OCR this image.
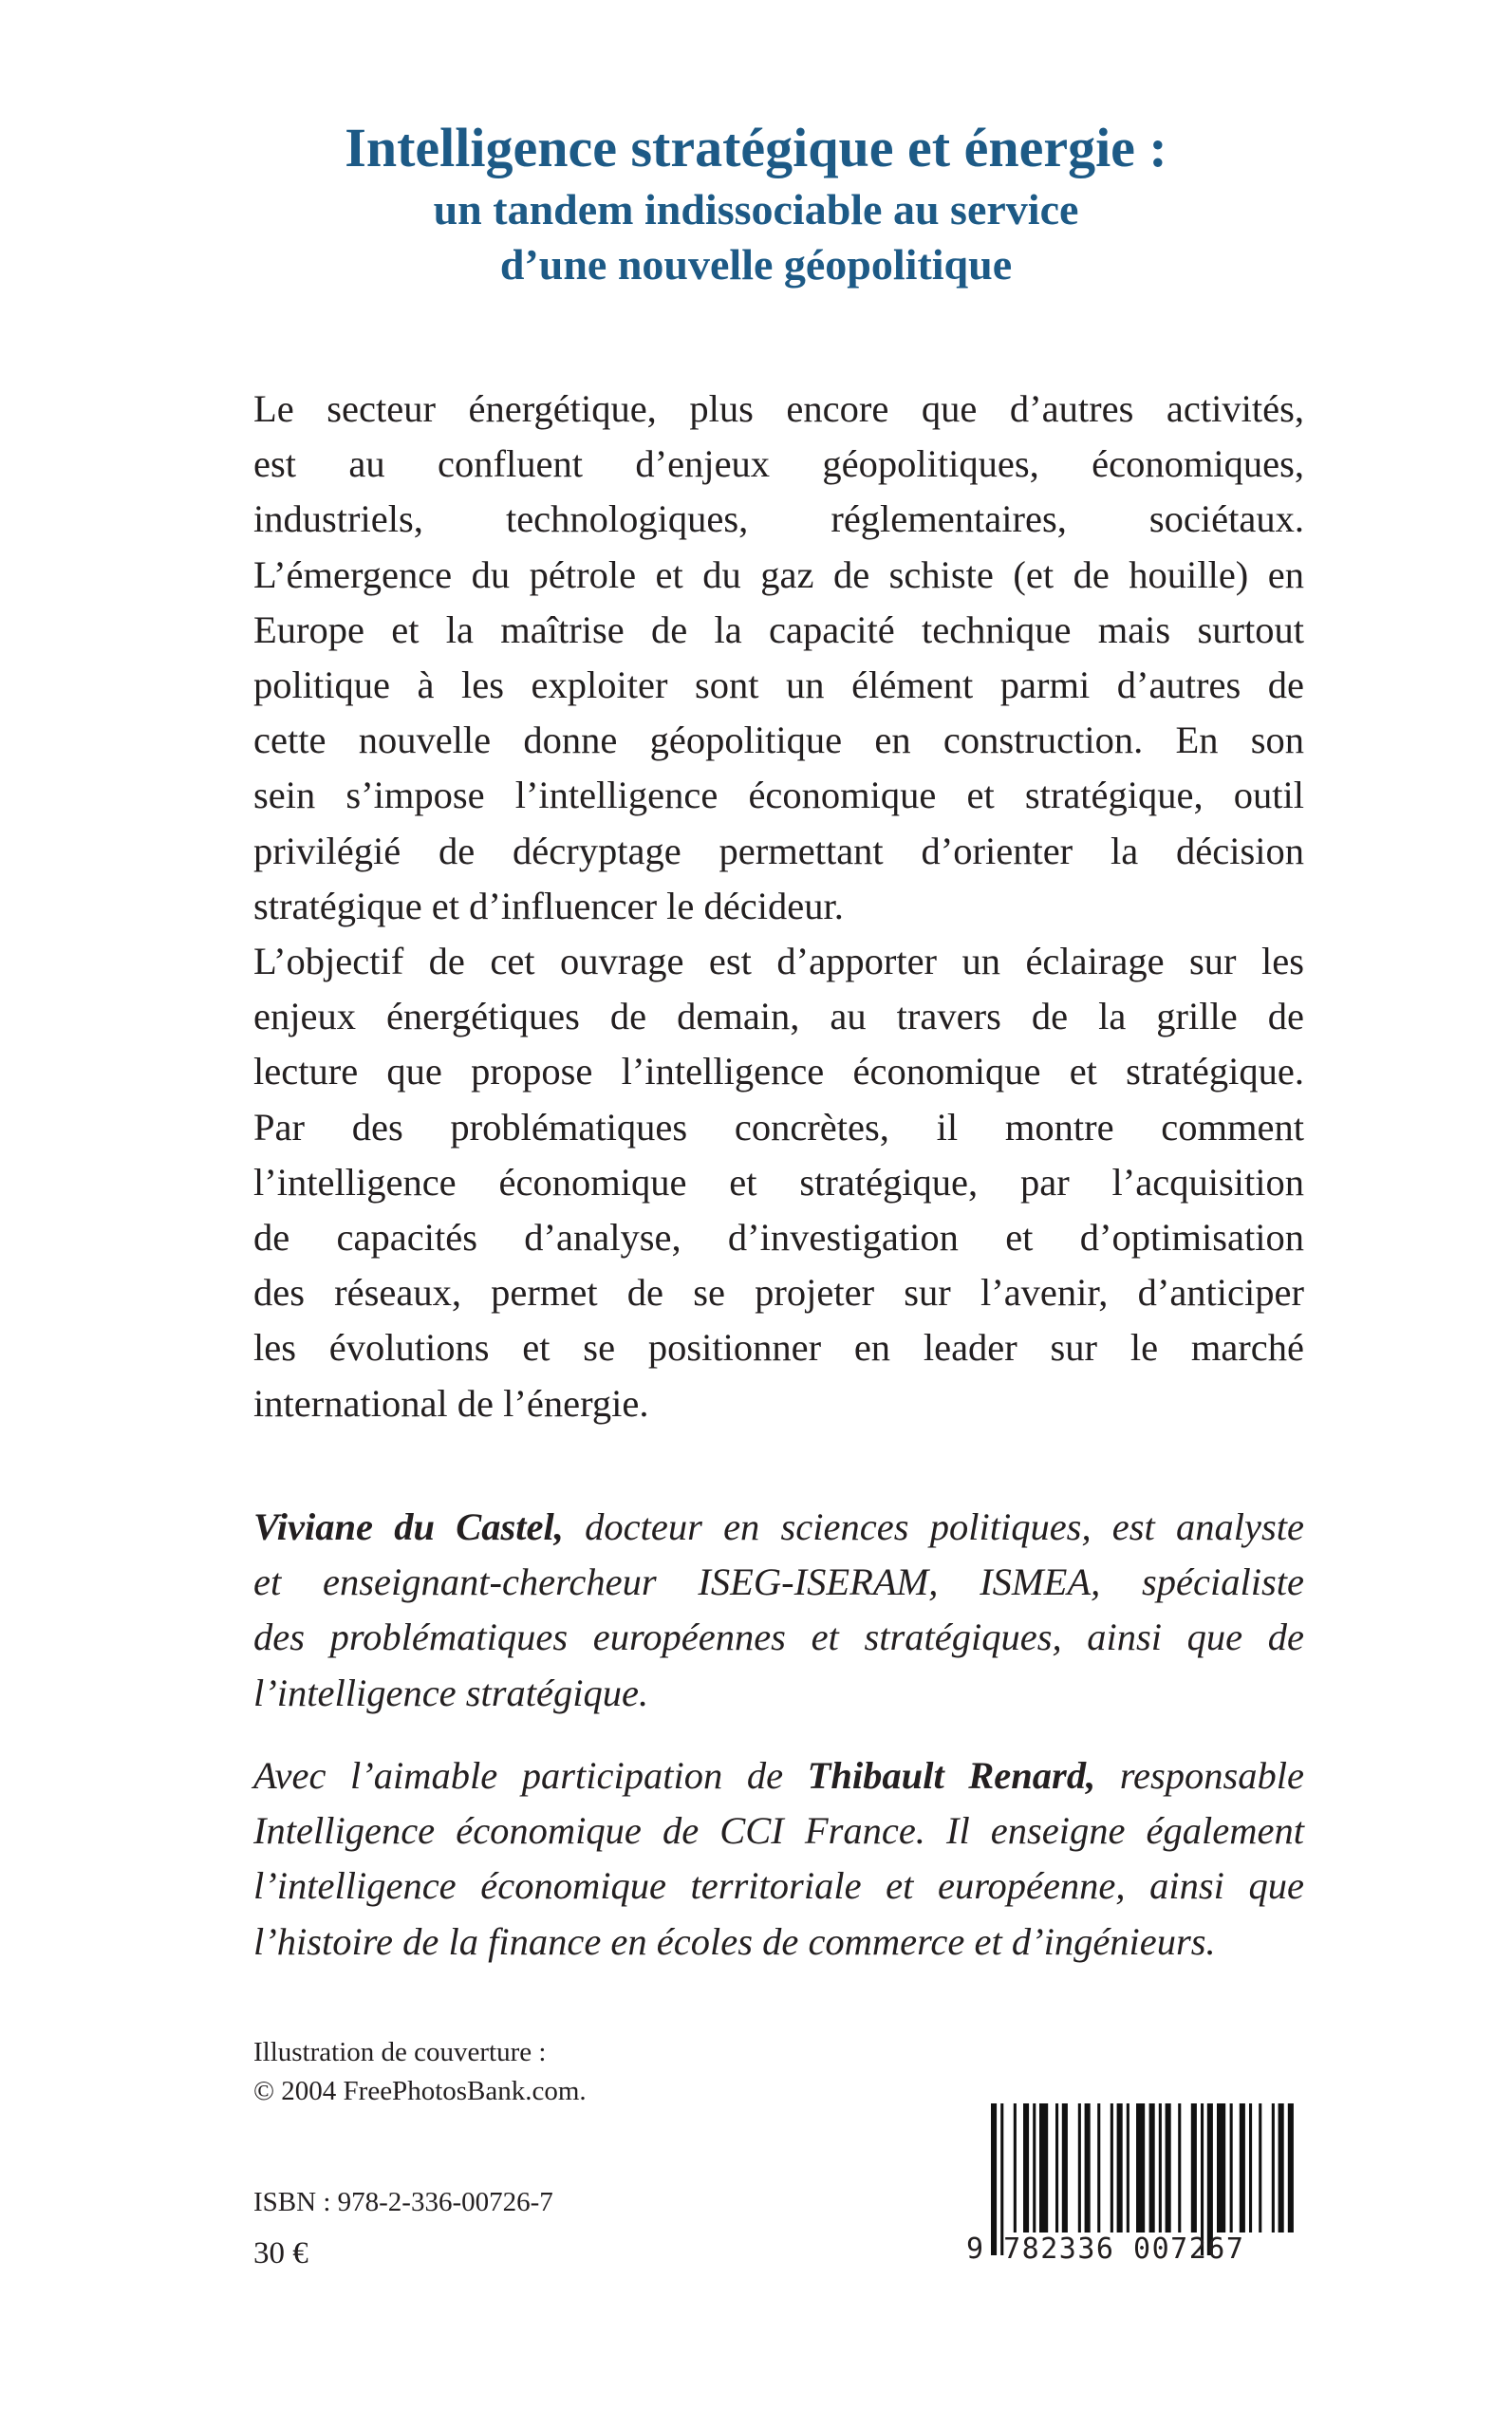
Intelligence stratégique et énergie :
un tandem indissociable au service
d’une nouvelle géopolitique
Le secteur énergétique, plus encore que d’autres activités,
est au confluent d’enjeux géopolitiques, économiques,
industriels, technologiques, réglementaires, sociétaux.
L’émergence du pétrole et du gaz de schiste (et de houille) en
Europe et la maîtrise de la capacité technique mais surtout
politique à les exploiter sont un élément parmi d’autres de
cette nouvelle donne géopolitique en construction. En son
sein s’impose l’intelligence économique et stratégique, outil
privilégié de décryptage permettant d’orienter la décision
stratégique et d’influencer le décideur.
L’objectif de cet ouvrage est d’apporter un éclairage sur les
enjeux énergétiques de demain, au travers de la grille de
lecture que propose l’intelligence économique et stratégique.
Par des problématiques concrètes, il montre comment
l’intelligence économique et stratégique, par l’acquisition
de capacités d’analyse, d’investigation et d’optimisation
des réseaux, permet de se projeter sur l’avenir, d’anticiper
les évolutions et se positionner en leader sur le marché
international de l’énergie.
Viviane du Castel, docteur en sciences politiques, est analyste
et enseignant-chercheur ISEG-ISERAM, ISMEA, spécialiste
des problématiques européennes et stratégiques, ainsi que de
l’intelligence stratégique.
Avec l’aimable participation de Thibault Renard, responsable
Intelligence économique de CCI France. Il enseigne également
l’intelligence économique territoriale et européenne, ainsi que
l’histoire de la finance en écoles de commerce et d’ingénieurs.
Illustration de couverture :
© 2004 FreePhotosBank.com.
ISBN : 978-2-336-00726-7
30 €	9 782336 007267
